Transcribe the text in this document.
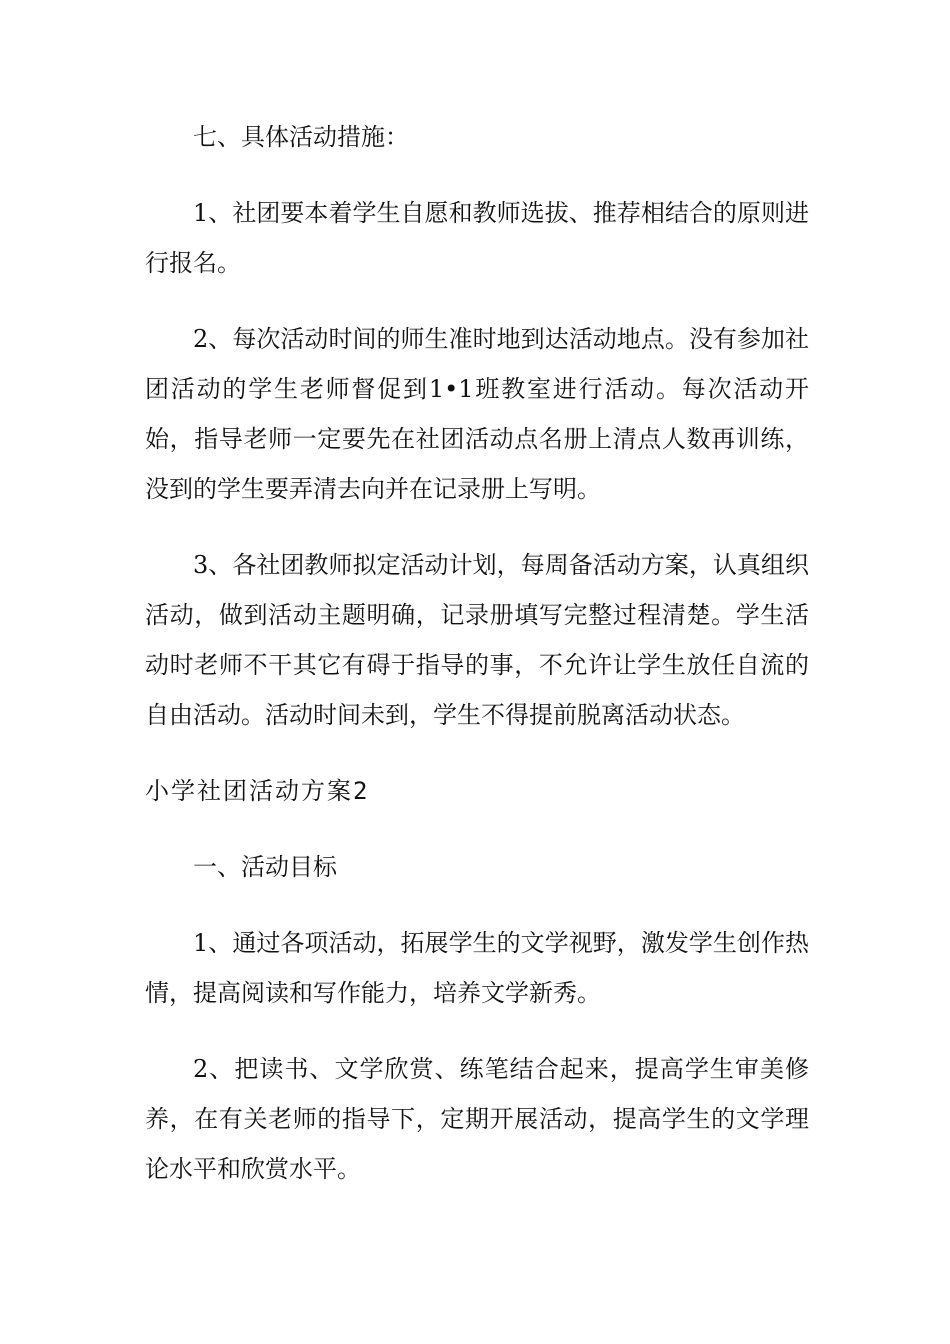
七、具体活动措施：

1、社团要本着学生自愿和教师选拔、推荐相结合的原则进行报名。

2、每次活动时间的师生准时地到达活动地点。没有参加社团活动的学生老师督促到1•1班教室进行活动。每次活动开始，指导老师一定要先在社团活动点名册上清点人数再训练，没到的学生要弄清去向并在记录册上写明。

3、各社团教师拟定活动计划，每周备活动方案，认真组织活动，做到活动主题明确，记录册填写完整过程清楚。学生活动时老师不干其它有碍于指导的事，不允许让学生放任自流的自由活动。活动时间未到，学生不得提前脱离活动状态。

小学社团活动方案2

一、活动目标

1、通过各项活动，拓展学生的文学视野，激发学生创作热情，提高阅读和写作能力，培养文学新秀。

2、把读书、文学欣赏、练笔结合起来，提高学生审美修养，在有关老师的指导下，定期开展活动，提高学生的文学理论水平和欣赏水平。
